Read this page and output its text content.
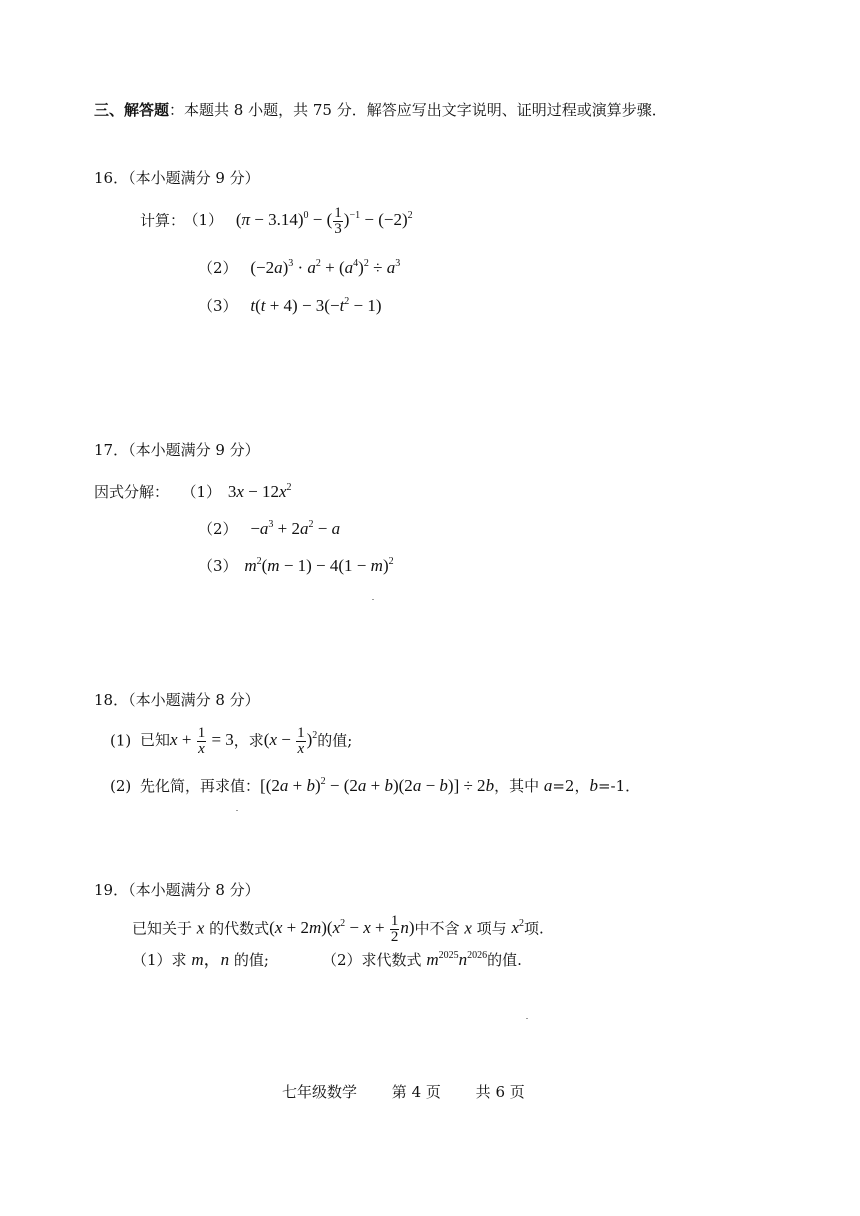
三、解答题：本题共 8 小题，共 75 分．解答应写出文字说明、证明过程或演算步骤．
16．（本小题满分 9 分）
计算： （1） $(\pi - 3.14)^0$ − ( $\frac{1}{3} )^{-1} - (-2)^2$
（2） $(-2a)^3 \cdot a^2 + (a^4)^2 \div a^3$
（3） $t(t + 4) - 3(-t^2 - 1)$
17．（本小题满分 9 分）
因式分解： （1） $3x - 12x^2$
$(2) -a^3 + 2a^2 - a$
（3） $m^2(m - 1) - 4(1 - m)^2$
18．（本小题满分 8 分）
(1) 已知$x + \frac{1}{x} = 3$，求$(x - \frac{1}{x} )^2$的值;
(2) 先化简，再求值：$[(2a + b)^2 - (2a + b)(2a - b)] \div 2b$，其中 a=2，b=-1．
19．（本小题满分 8 分）
已知关于 x 的代数式$(x + 2m)(x^2 - x + \frac{1}{2} n)$中不含 x 项与 $x^2$项.
（1）求 m，n 的值;	（2）求代数式 $m^{2025}n^{2026}$的值.
七年级数学 第 4 页 共 6 页
